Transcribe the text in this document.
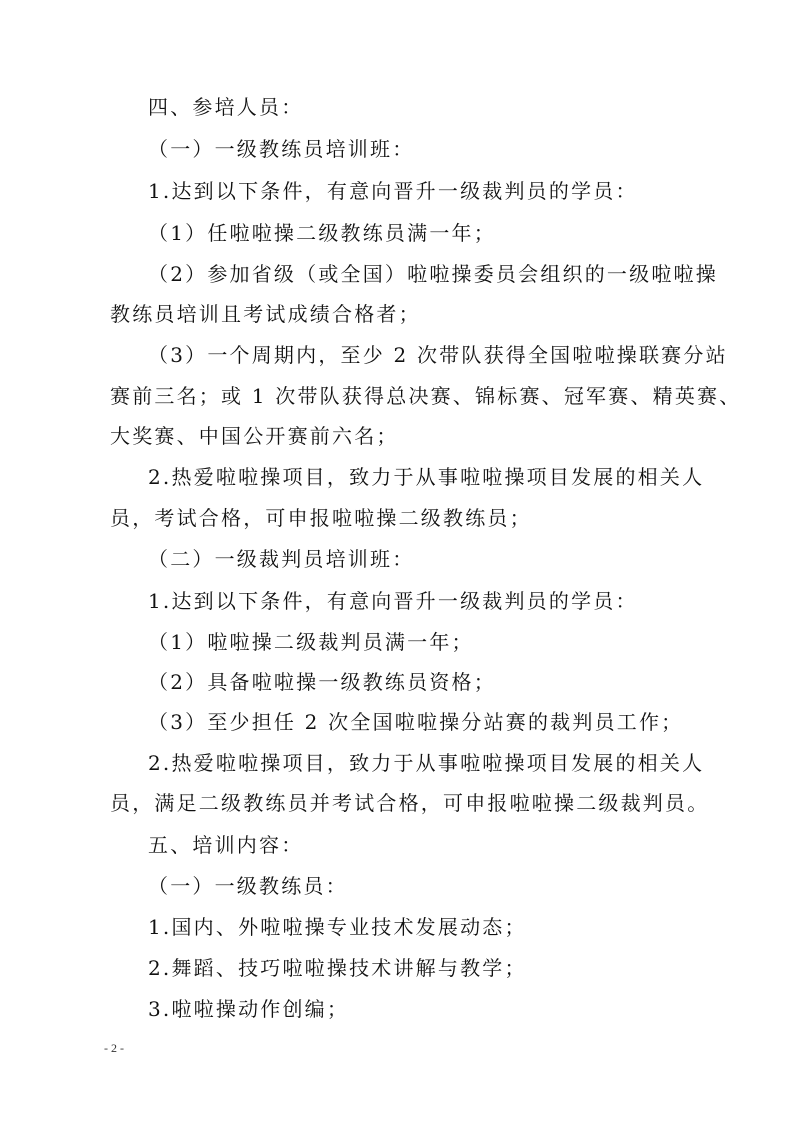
四、参培人员：
（一）一级教练员培训班：
1.达到以下条件，有意向晋升一级裁判员的学员：
（1）任啦啦操二级教练员满一年；
（2）参加省级（或全国）啦啦操委员会组织的一级啦啦操
教练员培训且考试成绩合格者；
（3）一个周期内，至少 2 次带队获得全国啦啦操联赛分站
赛前三名；或 1 次带队获得总决赛、锦标赛、冠军赛、精英赛、
大奖赛、中国公开赛前六名；
2.热爱啦啦操项目，致力于从事啦啦操项目发展的相关人
员，考试合格，可申报啦啦操二级教练员；
（二）一级裁判员培训班：
1.达到以下条件，有意向晋升一级裁判员的学员：
（1）啦啦操二级裁判员满一年；
（2）具备啦啦操一级教练员资格；
（3）至少担任 2 次全国啦啦操分站赛的裁判员工作；
2.热爱啦啦操项目，致力于从事啦啦操项目发展的相关人
员，满足二级教练员并考试合格，可申报啦啦操二级裁判员。
五、培训内容：
（一）一级教练员：
1.国内、外啦啦操专业技术发展动态；
2.舞蹈、技巧啦啦操技术讲解与教学；
3.啦啦操动作创编；
- 2 -
